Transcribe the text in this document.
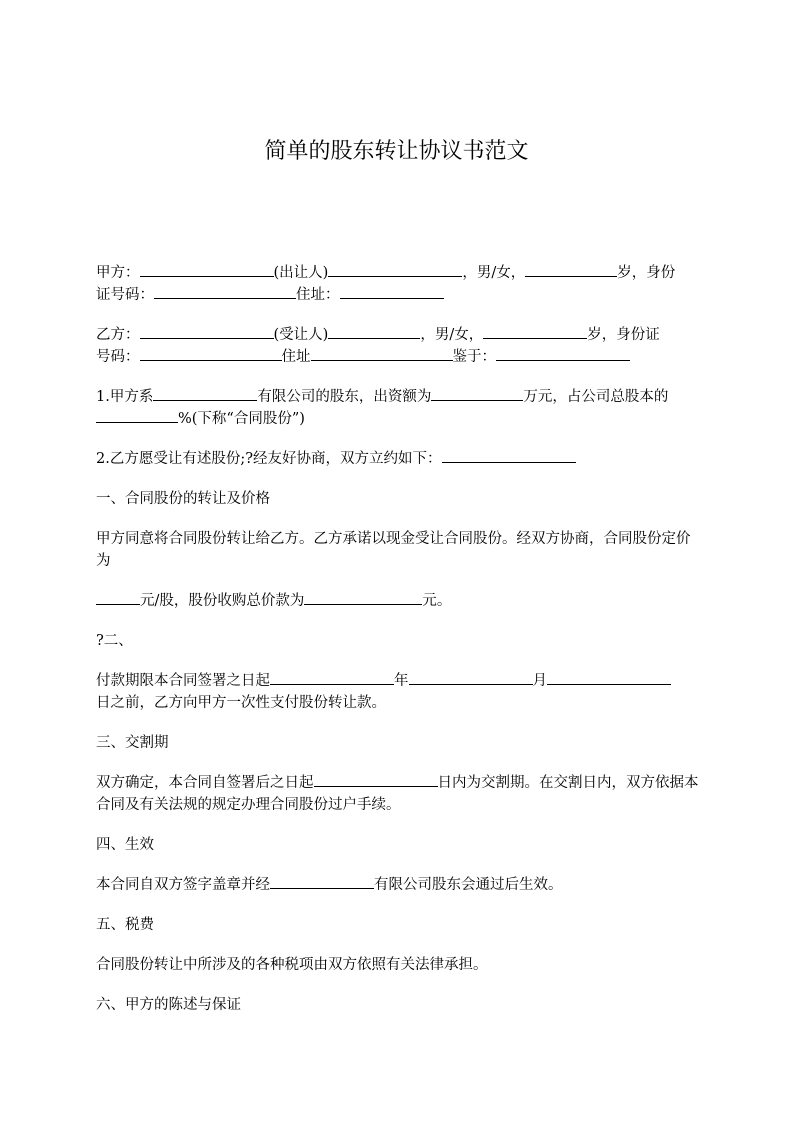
简单的股东转让协议书范文

甲方：	(出让人)	，男/女，	岁，身份
证号码：	住址：

乙方：	(受让人)	，男/女，	岁，身份证
号码：	住址	鉴于：

1.甲方系	有限公司的股东，出资额为	万元，占公司总股本的
%(下称“合同股份”)

2.乙方愿受让有述股份;?经友好协商，双方立约如下：

一、合同股份的转让及价格

甲方同意将合同股份转让给乙方。乙方承诺以现金受让合同股份。经双方协商，合同股份定价为

元/股，股份收购总价款为	元。

?二、

付款期限本合同签署之日起	年	月
日之前，乙方向甲方一次性支付股份转让款。

三、交割期

双方确定，本合同自签署后之日起	日内为交割期。在交割日内，双方依据本合同及有关法规的规定办理合同股份过户手续。

四、生效

本合同自双方签字盖章并经	有限公司股东会通过后生效。

五、税费

合同股份转让中所涉及的各种税项由双方依照有关法律承担。

六、甲方的陈述与保证
